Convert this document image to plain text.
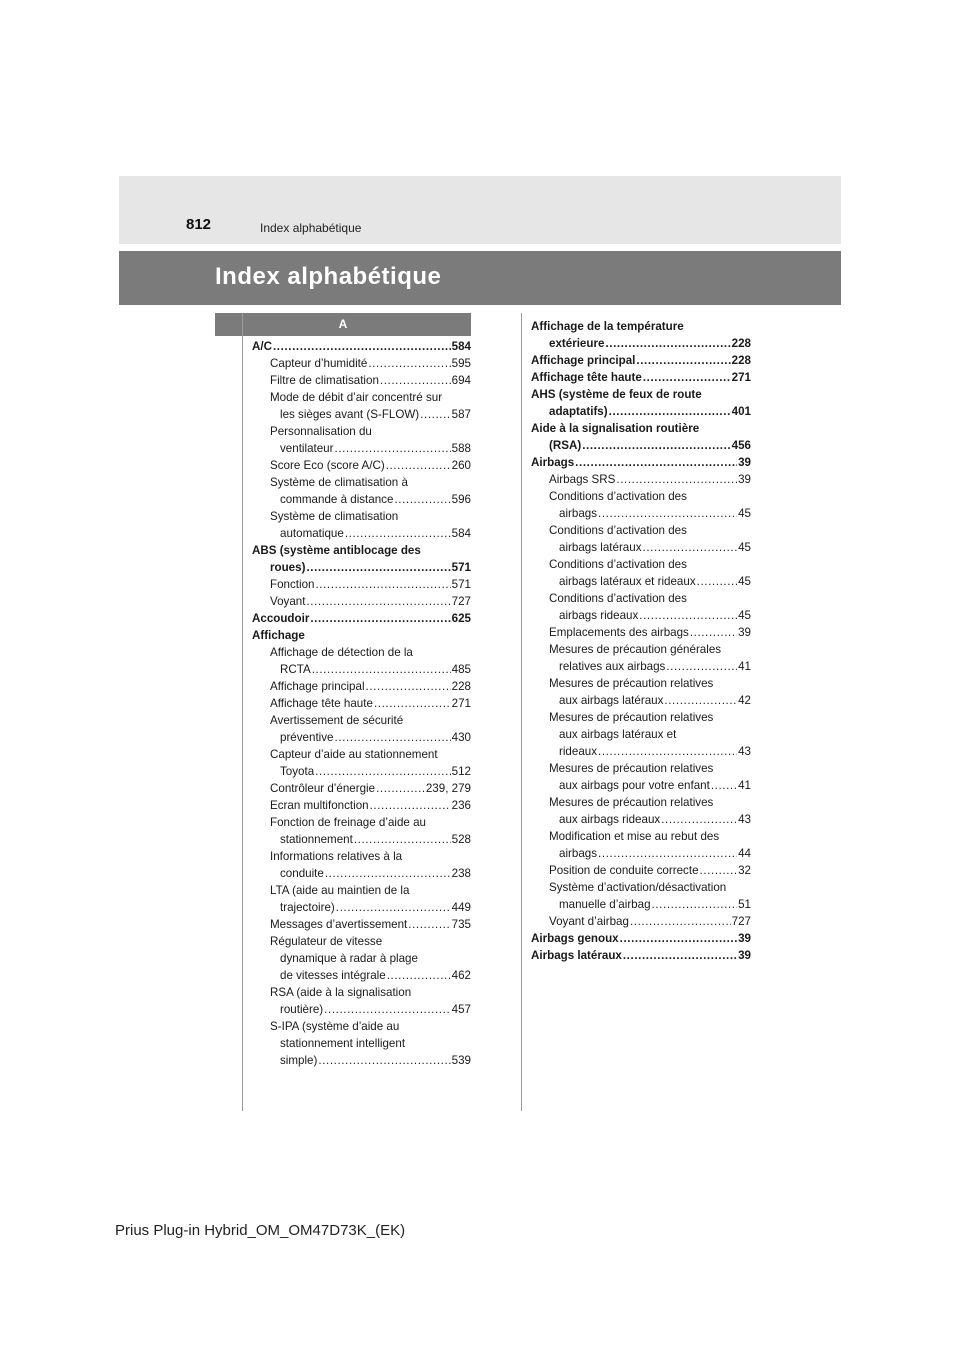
812	Index alphabétique
Index alphabétique
A
A/C .....	584
Capteur d’humidité .....	595
Filtre de climatisation .....	694
Mode de débit d’air concentré sur
les sièges avant (S-FLOW) .....	587
Personnalisation du
ventilateur .....	588
Score Eco (score A/C) .....	260
Système de climatisation à
commande à distance .....	596
Système de climatisation
automatique .....	584
ABS (système antiblocage des
roues) .....	571
Fonction .....	571
Voyant .....	727
Accoudoir .....	625
Affichage
Affichage de détection de la
RCTA .....	485
Affichage principal .....	228
Affichage tête haute .....	271
Avertissement de sécurité
préventive .....	430
Capteur d’aide au stationnement
Toyota .....	512
Contrôleur d’énergie .....	239, 279
Ecran multifonction .....	236
Fonction de freinage d’aide au
stationnement .....	528
Informations relatives à la
conduite .....	238
LTA (aide au maintien de la
trajectoire) .....	449
Messages d’avertissement .....	735
Régulateur de vitesse
dynamique à radar à plage
de vitesses intégrale .....	462
RSA (aide à la signalisation
routière) .....	457
S-IPA (système d’aide au
stationnement intelligent
simple) .....	539
Affichage de la température
extérieure .....	228
Affichage principal .....	228
Affichage tête haute .....	271
AHS (système de feux de route
adaptatifs) .....	401
Aide à la signalisation routière
(RSA) .....	456
Airbags .....	39
Airbags SRS .....	39
Conditions d’activation des
airbags .....	45
Conditions d’activation des
airbags latéraux .....	45
Conditions d’activation des
airbags latéraux et rideaux .....	45
Conditions d’activation des
airbags rideaux .....	45
Emplacements des airbags .....	39
Mesures de précaution générales
relatives aux airbags .....	41
Mesures de précaution relatives
aux airbags latéraux .....	42
Mesures de précaution relatives
aux airbags latéraux et
rideaux .....	43
Mesures de précaution relatives
aux airbags pour votre enfant ..... 41
Mesures de précaution relatives
aux airbags rideaux .....	43
Modification et mise au rebut des
airbags .....	44
Position de conduite correcte .....	32
Système d’activation/désactivation
manuelle d’airbag .....	51
Voyant d’airbag .....	727
Airbags genoux .....	39
Airbags latéraux .....	39
Prius Plug-in Hybrid_OM_OM47D73K_(EK)
